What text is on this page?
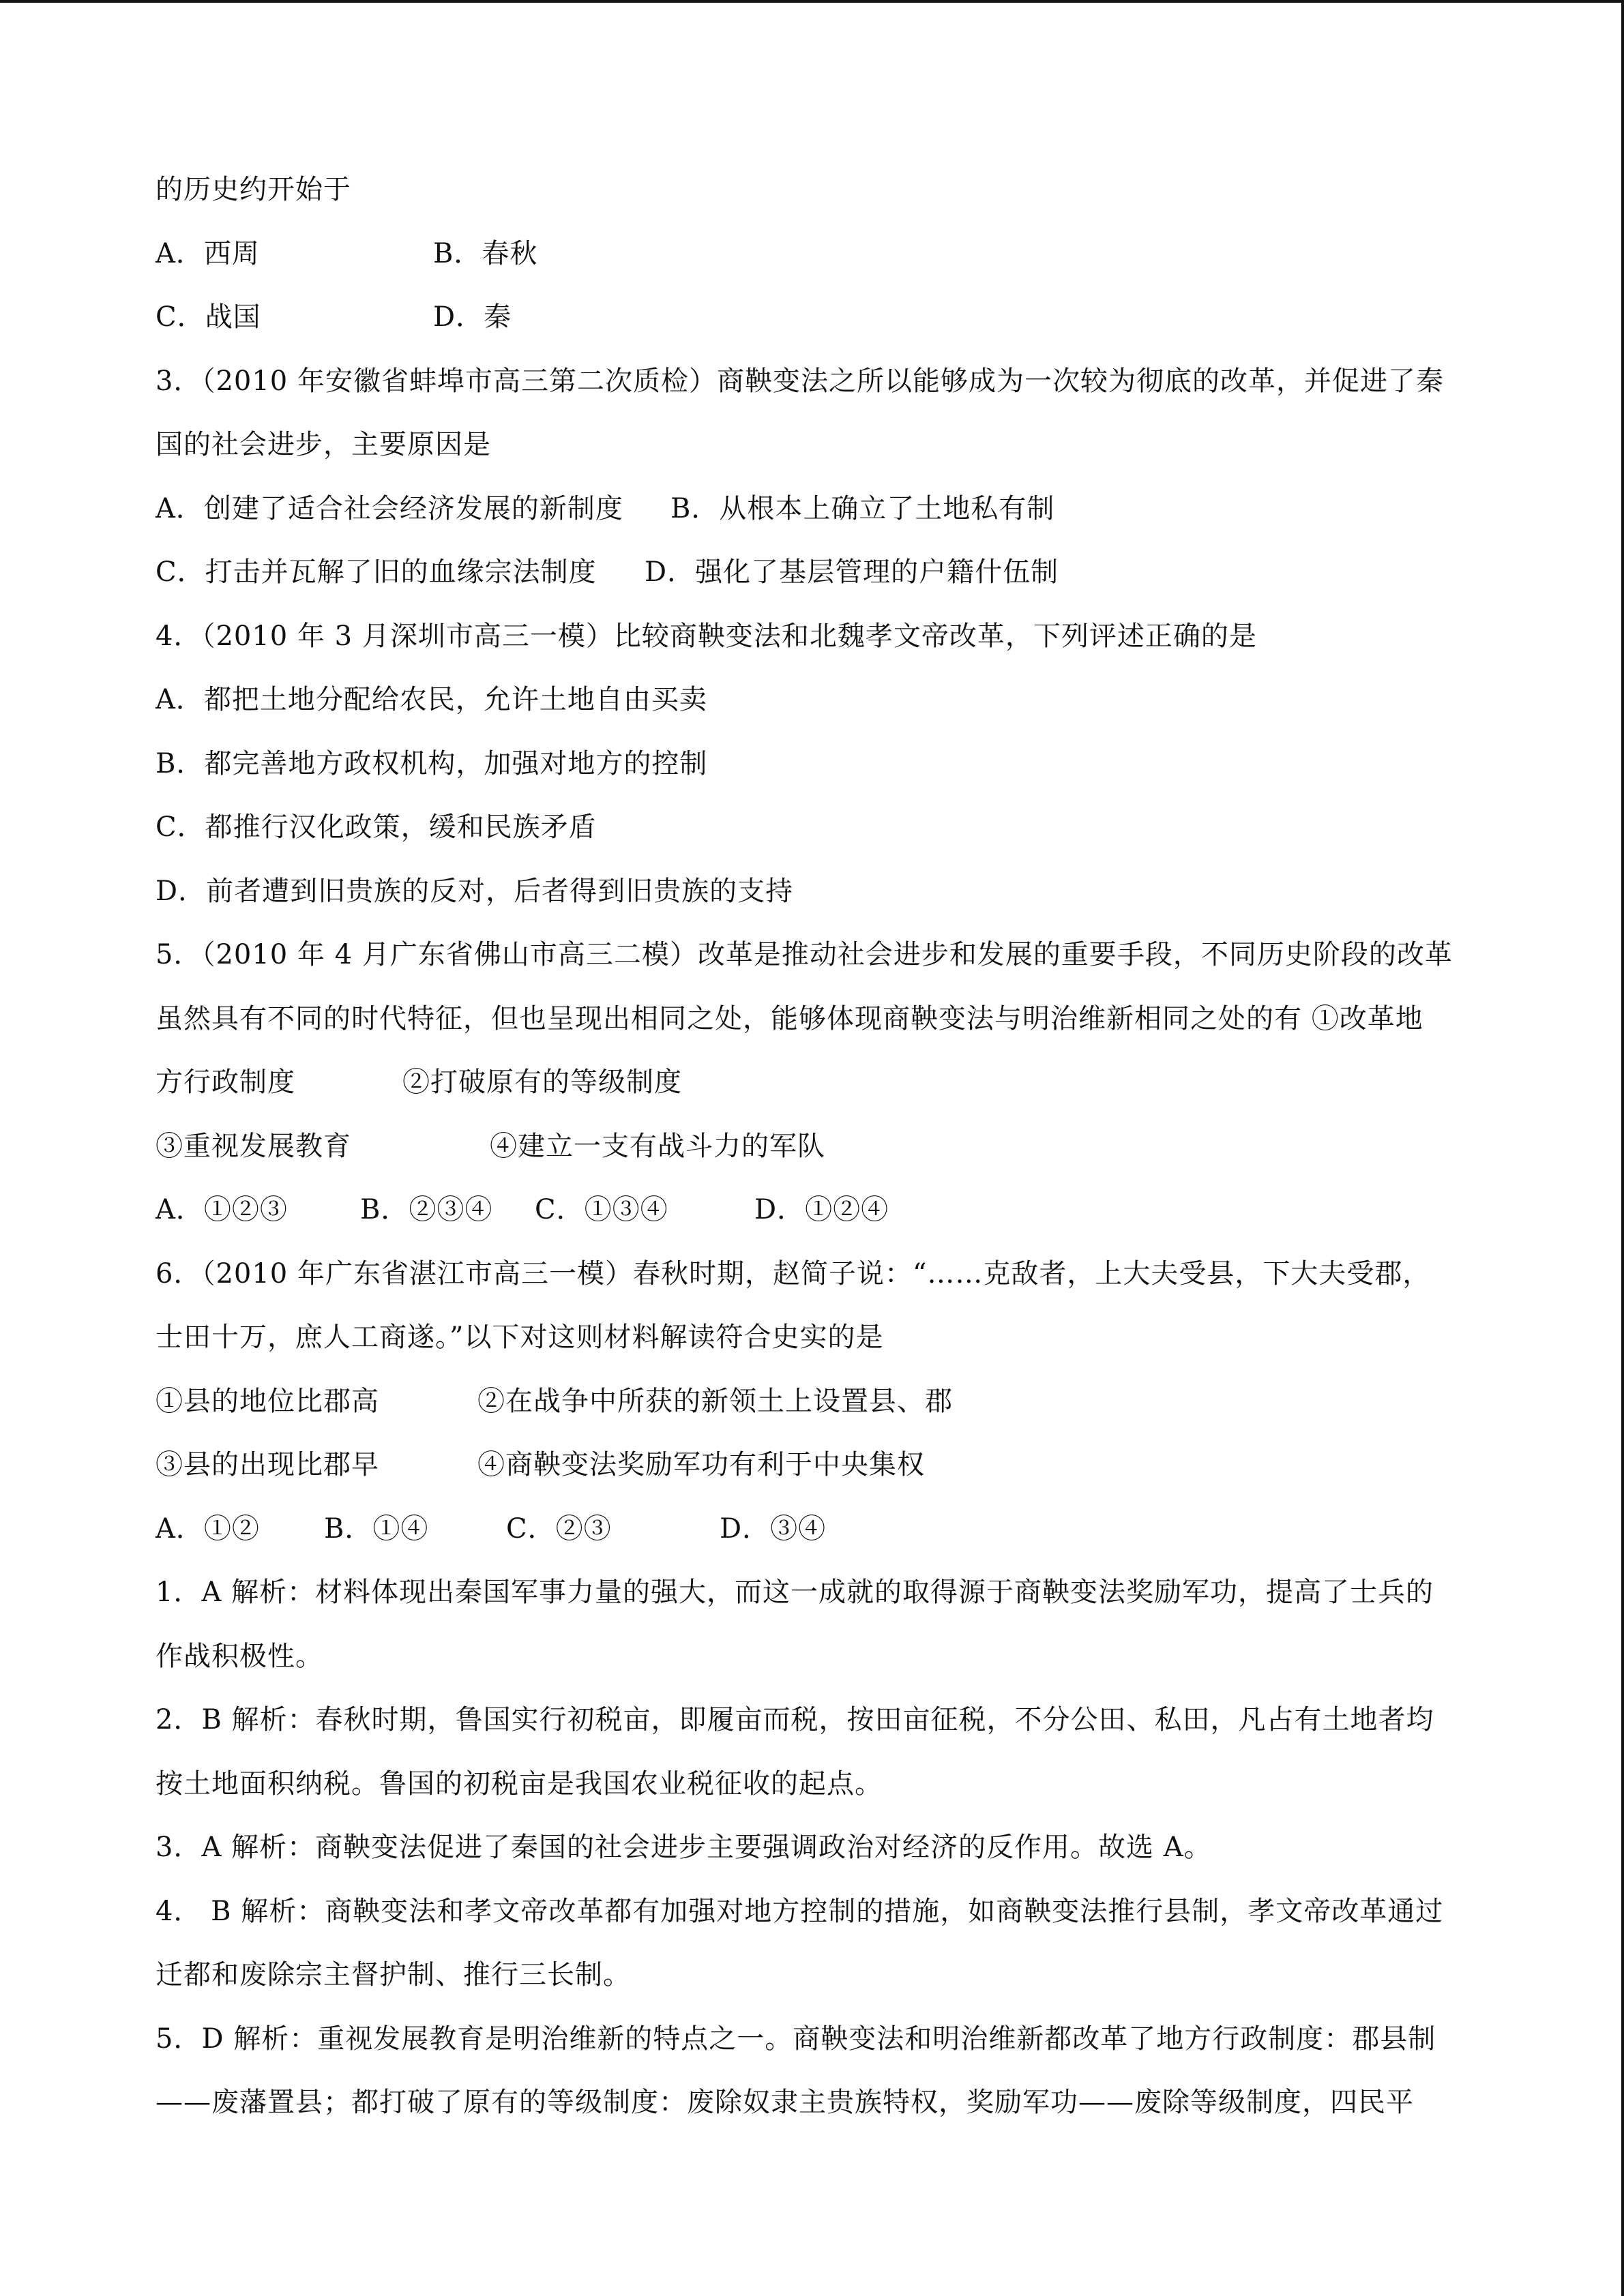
的历史约开始于
A．西周	B．春秋
C．战国	D．秦
3．（2010 年安徽省蚌埠市高三第二次质检）商鞅变法之所以能够成为一次较为彻底的改革，并促进了秦
国的社会进步，主要原因是
A．创建了适合社会经济发展的新制度 B．从根本上确立了土地私有制
C．打击并瓦解了旧的血缘宗法制度 D．强化了基层管理的户籍什伍制
4．（2010 年 3 月深圳市高三一模）比较商鞅变法和北魏孝文帝改革，下列评述正确的是
A．都把土地分配给农民，允许土地自由买卖
B．都完善地方政权机构，加强对地方的控制
C．都推行汉化政策，缓和民族矛盾
D．前者遭到旧贵族的反对，后者得到旧贵族的支持
5．（2010 年 4 月广东省佛山市高三二模）改革是推动社会进步和发展的重要手段，不同历史阶段的改革
虽然具有不同的时代特征，但也呈现出相同之处，能够体现商鞅变法与明治维新相同之处的有 ①改革地
方行政制度	②打破原有的等级制度
③重视发展教育	④建立一支有战斗力的军队
A．①②③	B．②③④ C．①③④	D．①②④
6．（2010 年广东省湛江市高三一模）春秋时期，赵简子说：“……克敌者，上大夫受县，下大夫受郡，
士田十万，庶人工商遂。”以下对这则材料解读符合史实的是
①县的地位比郡高	②在战争中所获的新领土上设置县、郡
③县的出现比郡早	④商鞅变法奖励军功有利于中央集权
A．①② B．①④	C．②③	D．③④
1．A 解析：材料体现出秦国军事力量的强大，而这一成就的取得源于商鞅变法奖励军功，提高了士兵的
作战积极性。
2．B 解析：春秋时期，鲁国实行初税亩，即履亩而税，按田亩征税，不分公田、私田，凡占有土地者均
按土地面积纳税。鲁国的初税亩是我国农业税征收的起点。
3．A 解析：商鞅变法促进了秦国的社会进步主要强调政治对经济的反作用。故选 A。
4． B 解析：商鞅变法和孝文帝改革都有加强对地方控制的措施，如商鞅变法推行县制，孝文帝改革通过
迁都和废除宗主督护制、推行三长制。
5．D 解析：重视发展教育是明治维新的特点之一。商鞅变法和明治维新都改革了地方行政制度：郡县制
——废藩置县；都打破了原有的等级制度：废除奴隶主贵族特权，奖励军功——废除等级制度，四民平
